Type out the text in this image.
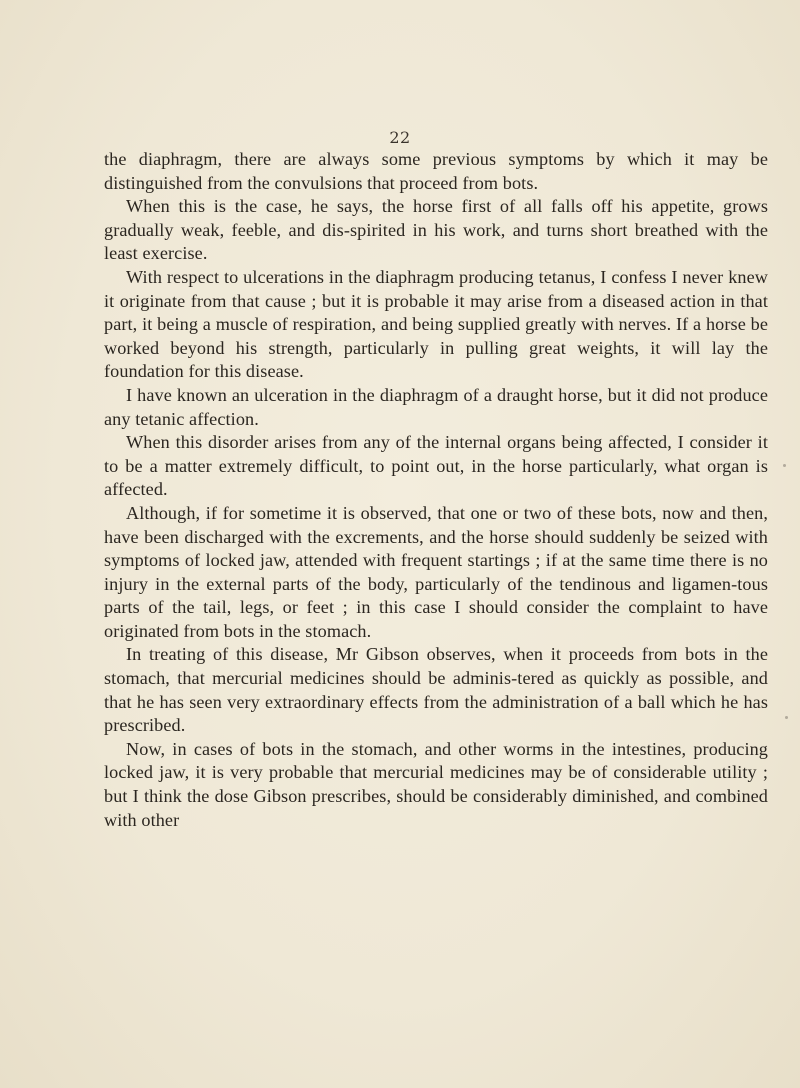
22

the diaphragm, there are always some previous symptoms by which it may be distinguished from the convulsions that proceed from bots.

When this is the case, he says, the horse first of all falls off his appetite, grows gradually weak, feeble, and dis-spirited in his work, and turns short breathed with the least exercise.

With respect to ulcerations in the diaphragm producing tetanus, I confess I never knew it originate from that cause ; but it is probable it may arise from a diseased action in that part, it being a muscle of respiration, and being supplied greatly with nerves. If a horse be worked beyond his strength, particularly in pulling great weights, it will lay the foundation for this disease.

I have known an ulceration in the diaphragm of a draught horse, but it did not produce any tetanic affection.

When this disorder arises from any of the internal organs being affected, I consider it to be a matter extremely difficult, to point out, in the horse particularly, what organ is affected.

Although, if for sometime it is observed, that one or two of these bots, now and then, have been discharged with the excrements, and the horse should suddenly be seized with symptoms of locked jaw, attended with frequent startings ; if at the same time there is no injury in the external parts of the body, particularly of the tendinous and ligamen-tous parts of the tail, legs, or feet ; in this case I should consider the complaint to have originated from bots in the stomach.

In treating of this disease, Mr Gibson observes, when it proceeds from bots in the stomach, that mercurial medicines should be adminis-tered as quickly as possible, and that he has seen very extraordinary effects from the administration of a ball which he has prescribed.

Now, in cases of bots in the stomach, and other worms in the intestines, producing locked jaw, it is very probable that mercurial medicines may be of considerable utility ; but I think the dose Gibson prescribes, should be considerably diminished, and combined with other
